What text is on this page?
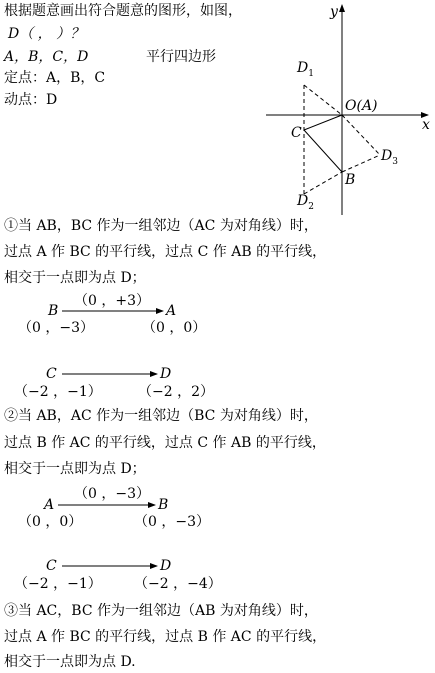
根据题意画出符合题意的图形，如图，
D（ ， ）？
A，B，C，D	平行四边形
定点：A，B，C
动点：D
y
x
O(A)
C
B
$D_1$
$D_2$
$D_3$
①当 AB，BC 作为一组邻边（AC 为对角线）时，
过点 A 作 BC 的平行线，过点 C 作 AB 的平行线，
相交于一点即为点 D；
B
（0 ，+3）
A
（0 ，−3）	（0 ，0）
C	D
（−2 ，−1）	（−2 ，2）
②当 AB，AC 作为一组邻边（BC 为对角线）时，
过点 B 作 AC 的平行线，过点 C 作 AB 的平行线，
相交于一点即为点 D；
A
（0 ，−3）
B
（0 ，0）	（0 ，−3）
C	D
（−2 ，−1） （−2 ，−4）
③当 AC，BC 作为一组邻边（AB 为对角线）时，
过点 A 作 BC 的平行线，过点 B 作 AC 的平行线，
相交于一点即为点 D.
